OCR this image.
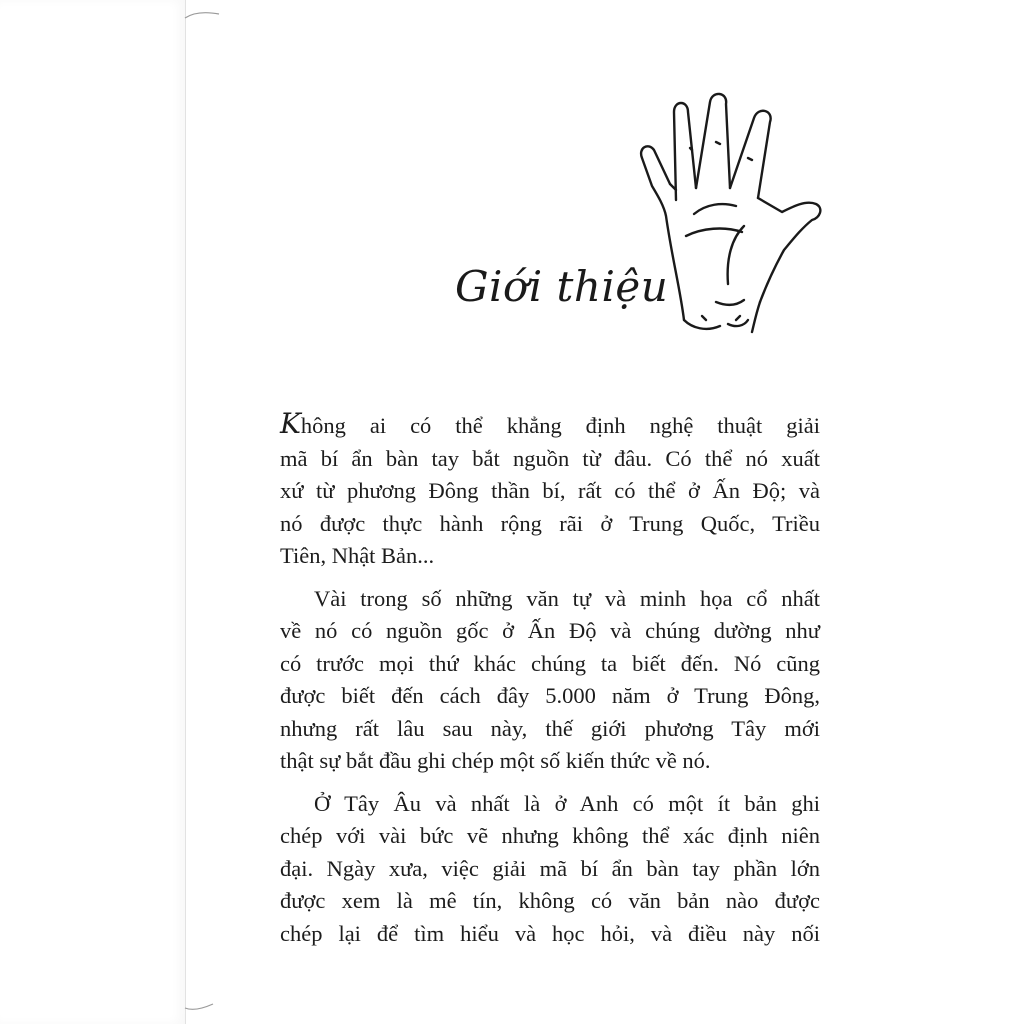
Giới thiệu

Không ai có thể khẳng định nghệ thuật giải
mã bí ẩn bàn tay bắt nguồn từ đâu. Có thể nó xuất
xứ từ phương Đông thần bí, rất có thể ở Ấn Độ; và
nó được thực hành rộng rãi ở Trung Quốc, Triều
Tiên, Nhật Bản...

Vài trong số những văn tự và minh họa cổ nhất
về nó có nguồn gốc ở Ấn Độ và chúng dường như
có trước mọi thứ khác chúng ta biết đến. Nó cũng
được biết đến cách đây 5.000 năm ở Trung Đông,
nhưng rất lâu sau này, thế giới phương Tây mới
thật sự bắt đầu ghi chép một số kiến thức về nó.

Ở Tây Âu và nhất là ở Anh có một ít bản ghi
chép với vài bức vẽ nhưng không thể xác định niên
đại. Ngày xưa, việc giải mã bí ẩn bàn tay phần lớn
được xem là mê tín, không có văn bản nào được
chép lại để tìm hiểu và học hỏi, và điều này nối
